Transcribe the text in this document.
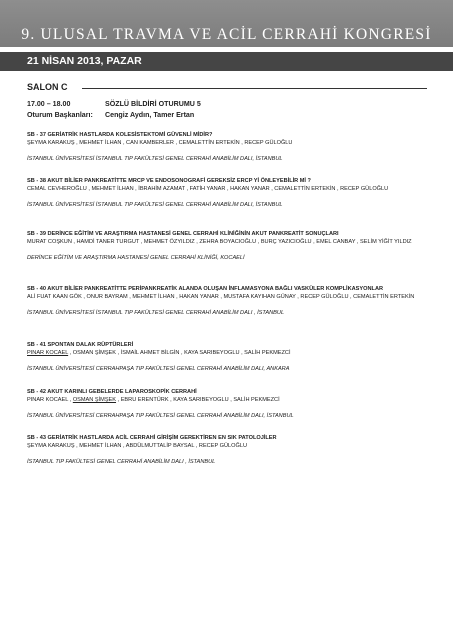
9. ULUSAL TRAVMA VE ACİL CERRAHİ KONGRESİ
21 NİSAN 2013, PAZAR
SALON C
17.00 – 18.00	SÖZLÜ BİLDİRİ OTURUMU 5
Oturum Başkanları: Cengiz Aydın, Tamer Ertan
SB - 37 GERİATRİK HASTLARDA KOLESİSTEKTOMİ GÜVENLİ MİDİR?
ŞEYMA KARAKUŞ , MEHMET İLHAN , CAN KAMBERLER , CEMALETTİN ERTEKİN , RECEP GÜLOĞLU
İSTANBUL ÜNİVERSİTESİ İSTANBUL TIP FAKÜLTESİ GENEL CERRAHİ ANABİLİM DALI, İSTANBUL
SB - 38 AKUT BİLİER PANKREATİTTE MRCP VE ENDOSONOGRAFİ GEREKSİZ ERCP Yİ ÖNLEYEBİLİR Mİ ?
CEMAL CEVHEROĞLU , MEHMET İLHAN , İBRAHİM AZAMAT , FATİH YANAR , HAKAN YANAR , CEMALETTİN ERTEKİN , RECEP GÜLOĞLU
İSTANBUL ÜNİVERSİTESİ İSTANBUL TIP FAKÜLTESİ GENEL CERRAHİ ANABİLİM DALI, İSTANBUL
SB - 39 DERİNCE EĞİTİM VE ARAŞTIRMA HASTANESİ GENEL CERRAHİ KLİNİĞİNİN AKUT PANKREATİT SONUÇLARI
MURAT COŞKUN , HAMDİ TANER TURGUT , MEHMET ÖZYILDIZ , ZEHRA BOYACIOĞLU , BURÇ YAZICIOĞLU , EMEL CANBAY , SELİM YİĞİT YILDIZ
DERİNCE EĞİTİM VE ARAŞTIRMA HASTANESİ GENEL CERRAHİ KLİNİĞİ, KOCAELİ
SB - 40 AKUT BİLİER PANKREATİTTE PERİPANKREATİK ALANDA OLUŞAN İNFLAMASYONA BAĞLI VASKÜLER KOMPLİKASYONLAR
ALİ FUAT KAAN GÖK , ONUR BAYRAM , MEHMET İLHAN , HAKAN YANAR , MUSTAFA KAYIHAN GÜNAY , RECEP GÜLOĞLU , CEMALETTİN ERTEKİN
İSTANBUL ÜNİVERSİTESİ İSTANBUL TIP FAKÜLTESİ GENEL CERRAHİ ANABİLİM DALI , İSTANBUL
SB - 41 SPONTAN DALAK RÜPTÜRLERİ
PINAR KOCAEL , OSMAN ŞİMŞEK , İSMAİL AHMET BİLGİN , KAYA SARIBEYOGLU , SALİH PEKMEZCİ
İSTANBUL ÜNİVERSİTESİ CERRAHPAŞA TIP FAKÜLTESİ GENEL CERRAHİ ANABİLİM DALI, ANKARA
SB - 42 AKUT KARINLI GEBELERDE LAPAROSKOPİK CERRAHİ
PINAR KOCAEL , OSMAN ŞİMŞEK , EBRU ERENTÜRK , KAYA SARIBEYOGLU , SALİH PEKMEZCİ
İSTANBUL ÜNİVERSİTESİ CERRAHPAŞA TIP FAKÜLTESİ GENEL CERRAHİ ANABİLİM DALI, İSTANBUL
SB - 43 GERİATRİK HASTLARDA ACİL CERRAHİ GİRİŞİM GEREKTİREN EN SIK PATOLOJİLER
ŞEYMA KARAKUŞ , MEHMET İLHAN , ABDÜLMUTTALİP BAYSAL , RECEP GÜLOĞLU
İSTANBUL TIP FAKÜLTESİ GENEL CERRAHİ ANABİLİM DALI , İSTANBUL
